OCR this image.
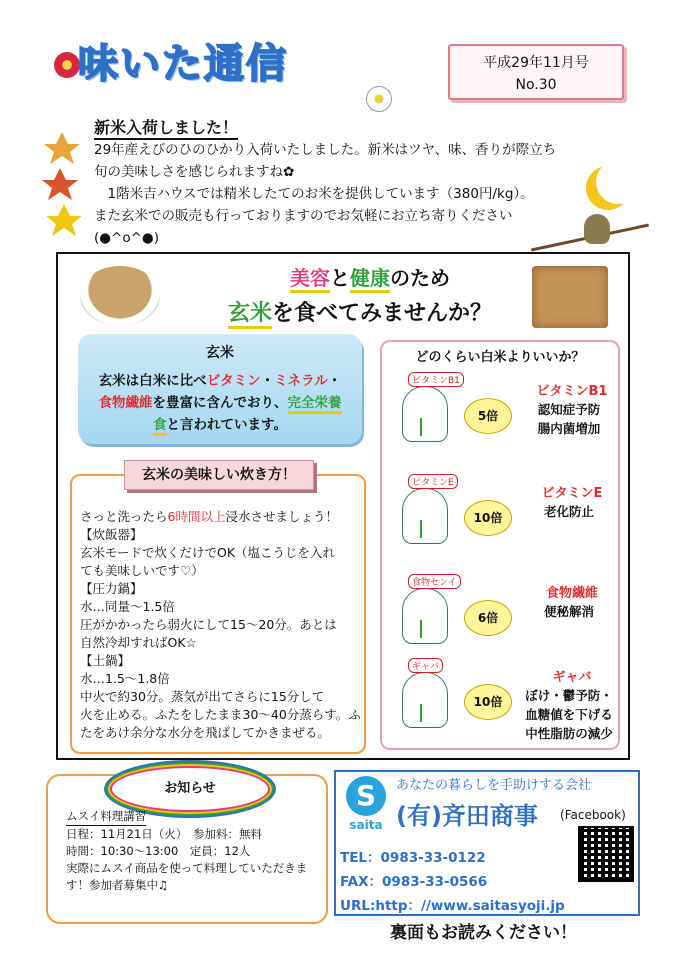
味いた通信	平成29年11月号
No.30
新米入荷しました！
29年産えびのひのひかり入荷いたしました。新米はツヤ、味、香りが際立ち
旬の美味しさを感じられますね✿
　1階米吉ハウスでは精米したてのお米を提供しています（380円/kg）。
また玄米での販売も行っておりますのでお気軽にお立ち寄りください
(●^o^●)
美容と健康のため
玄米を食べてみませんか？
玄米
玄米は白米に比べビタミン・ミネラル・
食物繊維を豊富に含んでおり、完全栄養食と言われています。
玄米の美味しい炊き方！
さっと洗ったら6時間以上浸水させましょう！
【炊飯器】
玄米モードで炊くだけでOK（塩こうじを入れ
ても美味しいです♡）
【圧力鍋】
水…同量～1.5倍
圧がかかったら弱火にして15～20分。あとは
自然冷却すればOK☆
【土鍋】
水…1.5～1.8倍
中火で約30分。蒸気が出てさらに15分して
火を止める。ふたをしたまま30～40分蒸らす。ふたをあけ余分な水分を飛ばしてかきまぜる。
どのくらい白米よりいいか？
ビタミンB1
5倍
ビタミンB1
認知症予防
腸内菌増加
ビタミンE
10倍
ビタミンE
老化防止
食物センイ
6倍
食物繊維
便秘解消
ギャバ
10倍
ギャバ
ぼけ・鬱予防・
血糖値を下げる
中性脂肪の減少
お知らせ
ムスイ料理講習
日程：11月21日（火）　参加料：無料
時間：10:30～13:00　定員：12人
実際にムスイ商品を使って料理していただきます！参加者募集中♫
S
saita
あなたの暮らしを手助けする会社
(有)斉田商事 (Facebook)
TEL：0983-33-0122
FAX：0983-33-0566
URL:http：//www.saitasyoji.jp
裏面もお読みください！
